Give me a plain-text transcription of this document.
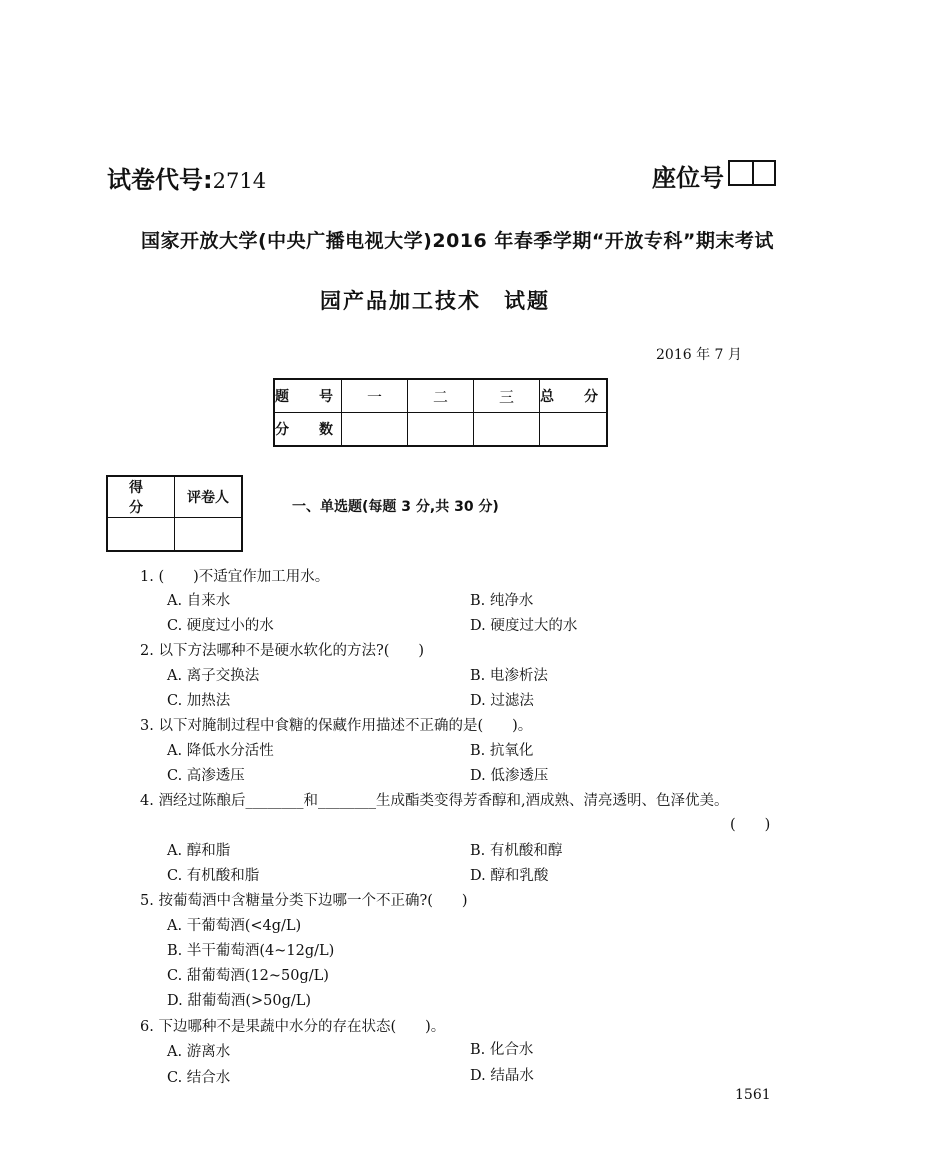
试卷代号:2714	座位号
国家开放大学(中央广播电视大学)2016 年春季学期“开放专科”期末考试
园产品加工技术　试题
2016 年 7 月
题　号	一	二	三	总　分
分　数				
得　分	评卷人

一、单选题(每题 3 分,共 30 分)
1. (　　)不适宜作加工用水。
A. 自来水	B. 纯净水
C. 硬度过小的水	D. 硬度过大的水
2. 以下方法哪种不是硬水软化的方法?(　　)
A. 离子交换法	B. 电渗析法
C. 加热法	D. 过滤法
3. 以下对腌制过程中食糖的保藏作用描述不正确的是(　　)。
A. 降低水分活性	B. 抗氧化
C. 高渗透压	D. 低渗透压
4. 酒经过陈酿后________和________生成酯类变得芳香醇和,酒成熟、清亮透明、色泽优美。
(　　)
A. 醇和脂	B. 有机酸和醇
C. 有机酸和脂	D. 醇和乳酸
5. 按葡萄酒中含糖量分类下边哪一个不正确?(　　)
A. 干葡萄酒(<4g/L)
B. 半干葡萄酒(4~12g/L)
C. 甜葡萄酒(12~50g/L)
D. 甜葡萄酒(>50g/L)
6. 下边哪种不是果蔬中水分的存在状态(　　)。
A. 游离水	B. 化合水
C. 结合水	D. 结晶水
1561
